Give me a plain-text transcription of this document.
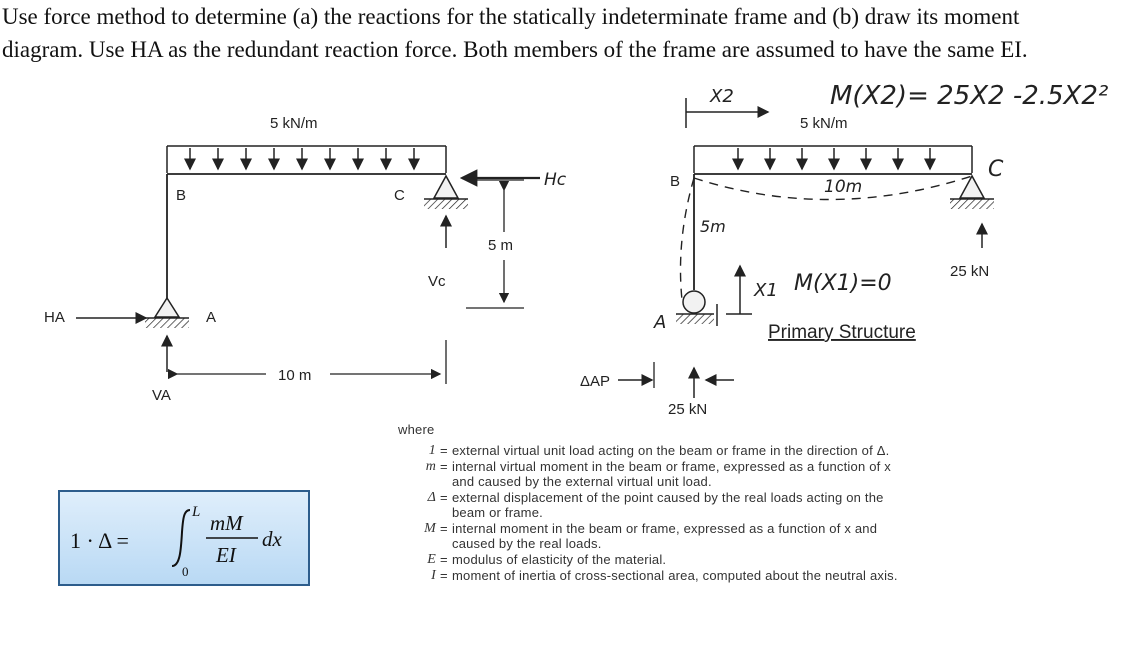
Use force method to determine (a) the reactions for the statically indeterminate frame and (b) draw its moment diagram. Use HA as the redundant reaction force. Both members of the frame are assumed to have the same EI.

5 kN/m
B	C
A
HA
VA
Vc
Hc
5 m
10 m
X2	M(X2)= 25X2 -2.5X2²
5 kN/m
B	10m
5m
C
25 kN
A
X1 M(X1)=0
Primary Structure
25 kN
ΔAP
1 · Δ =
L
0
mM
EI
dx
where
1 = external virtual unit load acting on the beam or frame in the direction of Δ.
m = internal virtual moment in the beam or frame, expressed as a function of x and caused by the external virtual unit load.
Δ = external displacement of the point caused by the real loads acting on the beam or frame.
M = internal moment in the beam or frame, expressed as a function of x and caused by the real loads.
E = modulus of elasticity of the material.
I = moment of inertia of cross-sectional area, computed about the neutral axis.
